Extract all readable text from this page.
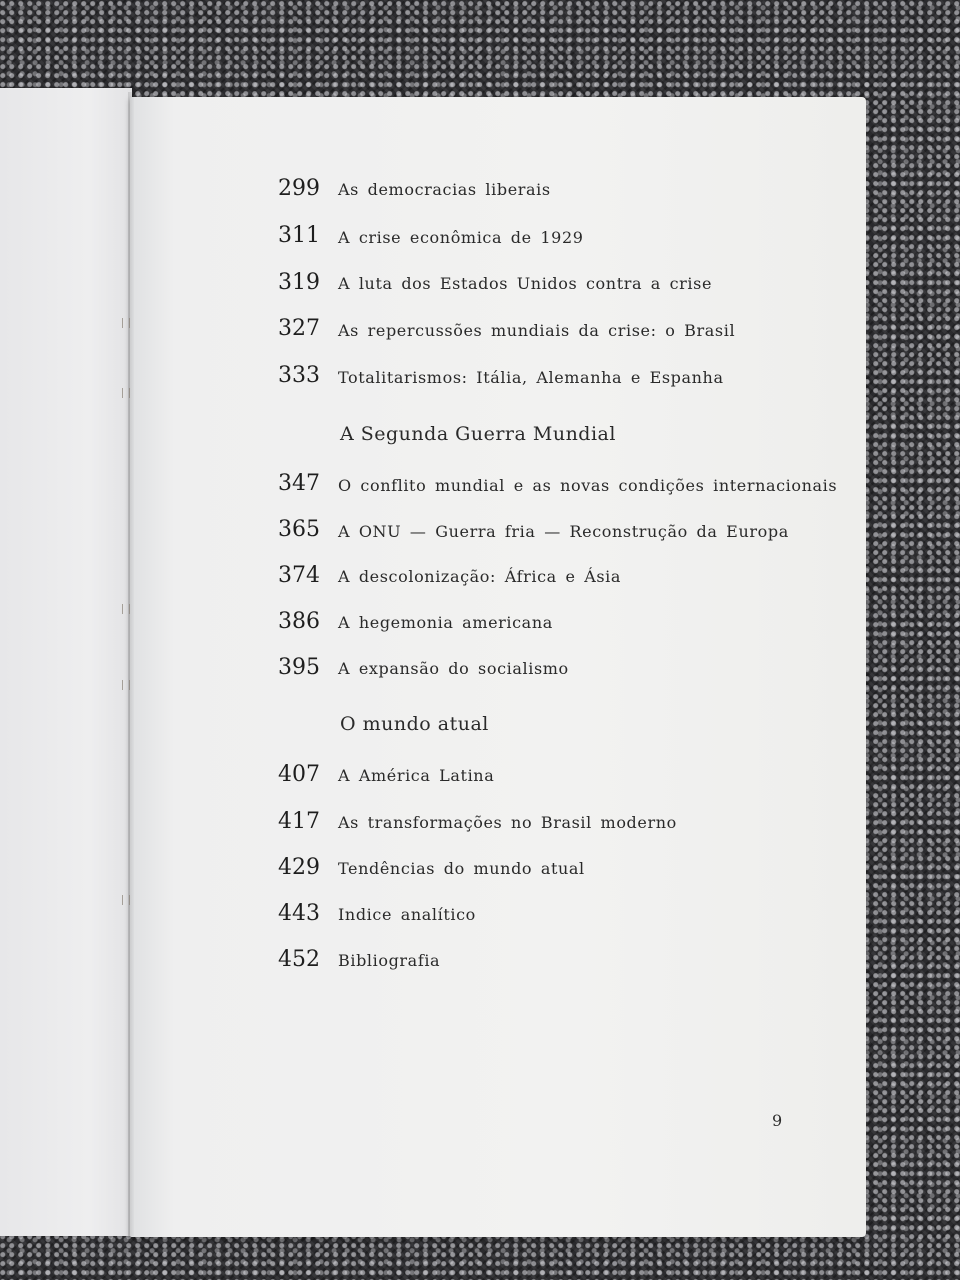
299 As democracias liberais
311 A crise econômica de 1929
319 A luta dos Estados Unidos contra a crise
327 As repercussões mundiais da crise: o Brasil
333 Totalitarismos: Itália, Alemanha e Espanha
A Segunda Guerra Mundial
347 O conflito mundial e as novas condições internacionais
365 A ONU — Guerra fria — Reconstrução da Europa
374 A descolonização: África e Ásia
386 A hegemonia americana
395 A expansão do socialismo
O mundo atual
407 A América Latina
417 As transformações no Brasil moderno
429 Tendências do mundo atual
443 Indice analítico
452 Bibliografia
9
